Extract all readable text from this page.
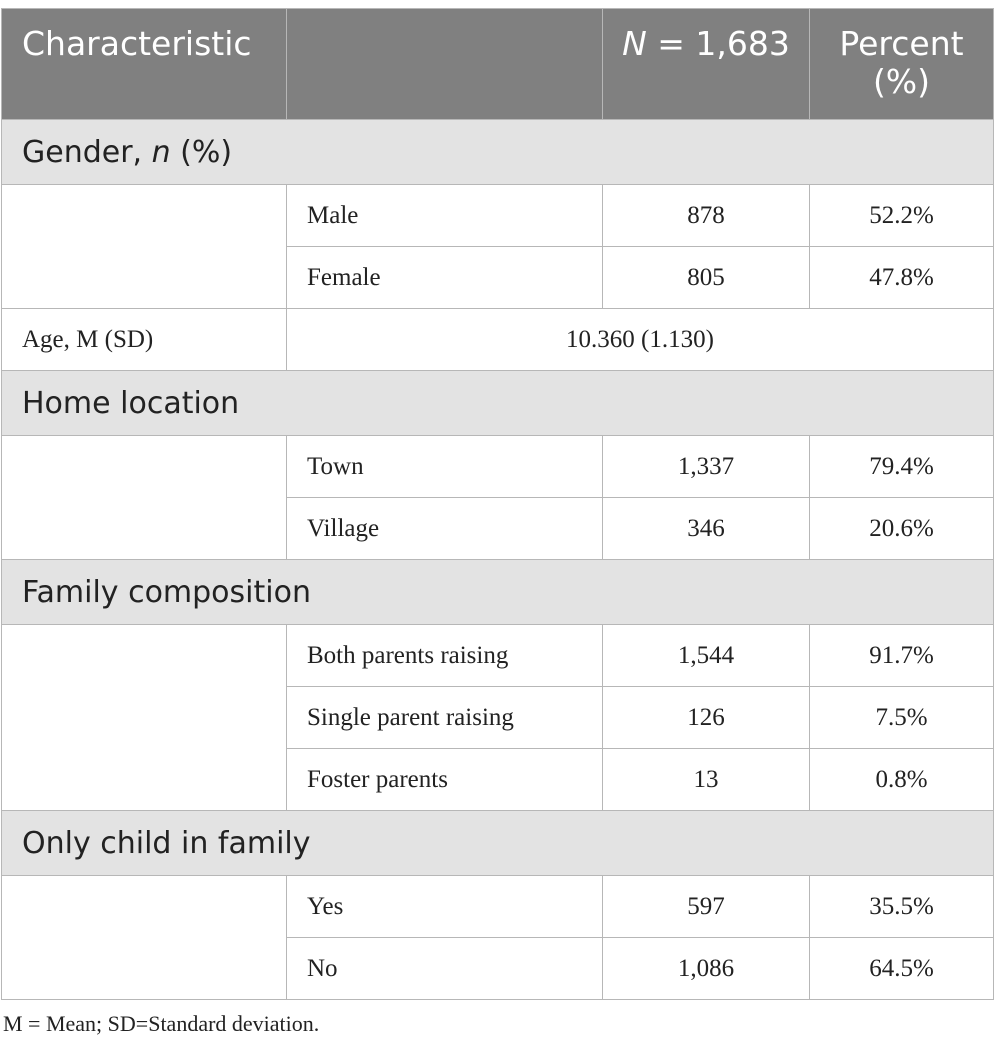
Characteristic		N = 1,683	Percent
(%)
Gender, n (%)			
	Male	878	52.2%
	Female	805	47.8%
Age, M (SD)	10.360 (1.130)		
Home location			
	Town	1,337	79.4%
	Village	346	20.6%
Family composition			
	Both parents raising	1,544	91.7%
	Single parent raising	126	7.5%
	Foster parents	13	0.8%
Only child in family			
	Yes	597	35.5%
	No	1,086	64.5%
M = Mean; SD=Standard deviation.
